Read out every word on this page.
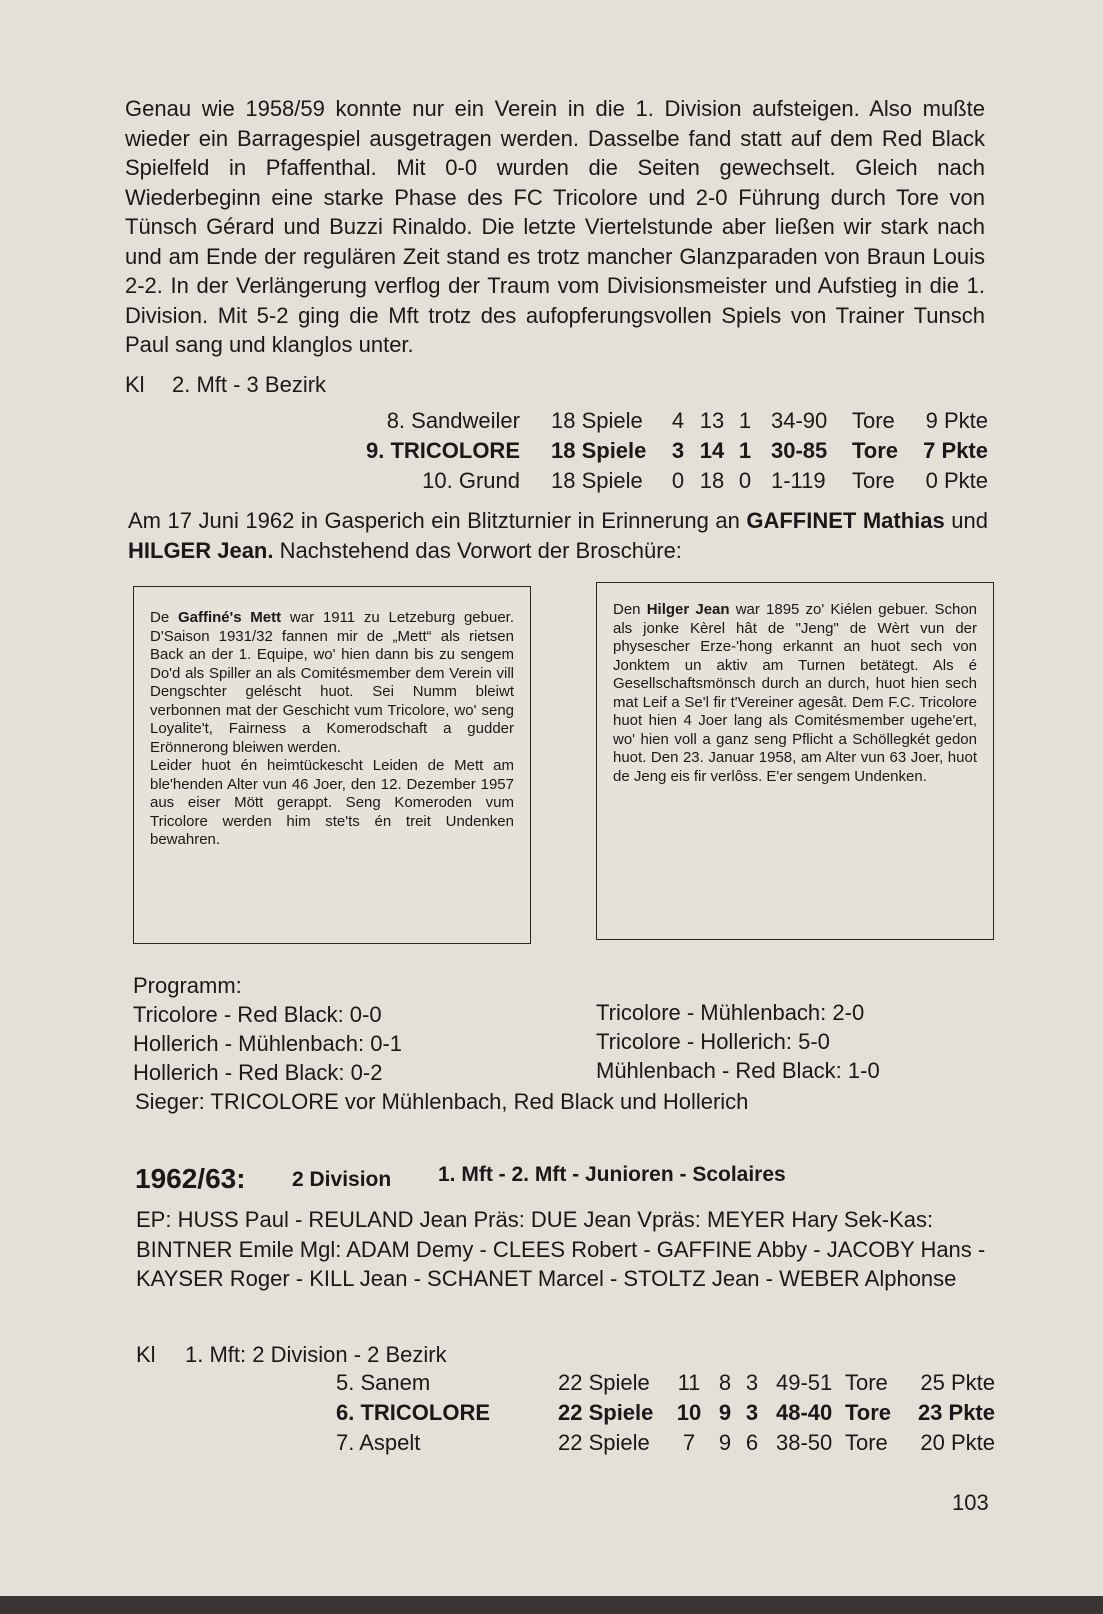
Genau wie 1958/59 konnte nur ein Verein in die 1. Division aufsteigen. Also mußte wieder ein Barragespiel ausgetragen werden. Dasselbe fand statt auf dem Red Black Spielfeld in Pfaffenthal. Mit 0-0 wurden die Seiten gewechselt. Gleich nach Wiederbeginn eine starke Phase des FC Tricolore und 2-0 Führung durch Tore von Tünsch Gérard und Buzzi Rinaldo. Die letzte Viertelstunde aber ließen wir stark nach und am Ende der regulären Zeit stand es trotz mancher Glanzparaden von Braun Louis 2-2. In der Verlängerung verflog der Traum vom Divisionsmeister und Aufstieg in die 1. Division. Mit 5-2 ging die Mft trotz des aufopferungsvollen Spiels von Trainer Tunsch Paul sang und klanglos unter.
Kl 2. Mft - 3 Bezirk
8. Sandweiler 18 Spiele	4 13 1 34-90 Tore 9 Pkte
9. TRICOLORE 18 Spiele	3 14 1 30-85 Tore 7 Pkte
10. Grund 18 Spiele	0 18 0 1-119 Tore 0 Pkte
Am 17 Juni 1962 in Gasperich ein Blitzturnier in Erinnerung an GAFFINET Mathias und HILGER Jean. Nachstehend das Vorwort der Broschüre:
De Gaffiné's Mett war 1911 zu Letzeburg gebuer. D'Saison 1931/32 fannen mir de „Mett“ als rietsen Back an der 1. Equipe, wo' hien dann bis zu sengem Do'd als Spiller an als Comitésmember dem Verein vill Dengschter geléscht huot. Sei Numm bleiwt verbonnen mat der Geschicht vum Tricolore, wo' seng Loyalite't, Fairness a Komerodschaft a gudder Erönnerong bleiwen werden.
Leider huot én heimtückescht Leiden de Mett am ble'henden Alter vun 46 Joer, den 12. Dezember 1957 aus eiser Mött gerappt. Seng Komeroden vum Tricolore werden him ste'ts én treit Undenken bewahren.
Den Hilger Jean war 1895 zo' Kiélen gebuer. Schon als jonke Kèrel hât de "Jeng" de Wèrt vun der physescher Erze-'hong erkannt an huot sech von Jonktem un aktiv am Turnen betätegt. Als é Gesellschaftsmönsch durch an durch, huot hien sech mat Leif a Se'l fir t'Vereiner agesât. Dem F.C. Tricolore huot hien 4 Joer lang als Comitésmember ugehe'ert, wo' hien voll a ganz seng Pflicht a Schöllegkét gedon huot. Den 23. Januar 1958, am Alter vun 63 Joer, huot de Jeng eis fir verlôss. E'er sengem Undenken.
Programm:
Tricolore - Red Black: 0-0
Hollerich - Mühlenbach: 0-1
Hollerich - Red Black: 0-2
Tricolore - Mühlenbach: 2-0
Tricolore - Hollerich: 5-0
Mühlenbach - Red Black: 1-0
Sieger: TRICOLORE vor Mühlenbach, Red Black und Hollerich
1962/63: 2 Division 1. Mft - 2. Mft - Junioren - Scolaires
EP: HUSS Paul - REULAND Jean Präs: DUE Jean Vpräs: MEYER Hary Sek-Kas: BINTNER Emile Mgl: ADAM Demy - CLEES Robert - GAFFINE Abby - JACOBY Hans - KAYSER Roger - KILL Jean - SCHANET Marcel - STOLTZ Jean - WEBER Alphonse
Kl 1. Mft: 2 Division - 2 Bezirk
5. Sanem	22 Spiele	11 8 3 49-51 Tore 25 Pkte
6. TRICOLORE	22 Spiele	10 9 3 48-40 Tore 23 Pkte
7. Aspelt	22 Spiele	7	9 6 38-50 Tore 20 Pkte
103
